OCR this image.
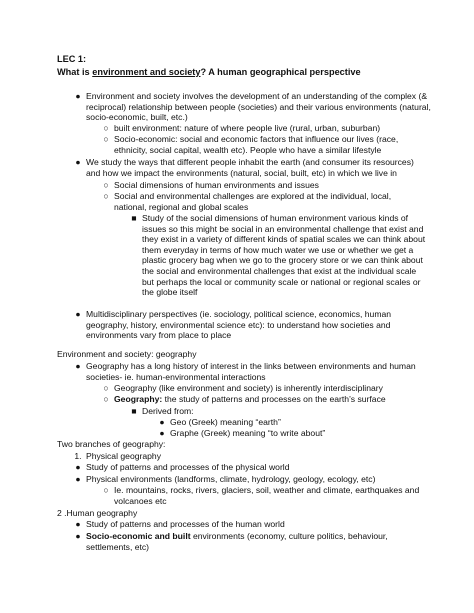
LEC 1:
What is environment and society? A human geographical perspective
● Environment and society involves the development of an understanding of the complex (& reciprocal) relationship between people (societies) and their various environments (natural, socio-economic, built, etc.)
○ built environment: nature of where people live (rural, urban, suburban)
○ Socio-economic: social and economic factors that influence our lives (race, ethnicity, social capital, wealth etc). People who have a similar lifestyle
● We study the ways that different people inhabit the earth (and consumer its resources) and how we impact the environments (natural, social, built, etc) in which we live in
○ Social dimensions of human environments and issues
○ Social and environmental challenges are explored at the individual, local, national, regional and global scales
■ Study of the social dimensions of human environment various kinds of issues so this might be social in an environmental challenge that exist and they exist in a variety of different kinds of spatial scales we can think about them everyday in terms of how much water we use or whether we get a plastic grocery bag when we go to the grocery store or we can think about the social and environmental challenges that exist at the individual scale but perhaps the local or community scale or national or regional scales or the globe itself
● Multidisciplinary perspectives (ie. sociology, political science, economics, human geography, history, environmental science etc): to understand how societies and environments vary from place to place
Environment and society: geography
● Geography has a long history of interest in the links between environments and human societies- ie. human-environmental interactions
○ Geography (like environment and society) is inherently interdisciplinary
○ Geography: the study of patterns and processes on the earth’s surface
■ Derived from:
● Geo (Greek) meaning “earth”
● Graphe (Greek) meaning “to write about”
Two branches of geography:
1. Physical geography
● Study of patterns and processes of the physical world
● Physical environments (landforms, climate, hydrology, geology, ecology, etc)
○ Ie. mountains, rocks, rivers, glaciers, soil, weather and climate, earthquakes and volcanoes etc
2 .Human geography
● Study of patterns and processes of the human world
● Socio-economic and built environments (economy, culture politics, behaviour, settlements, etc)
